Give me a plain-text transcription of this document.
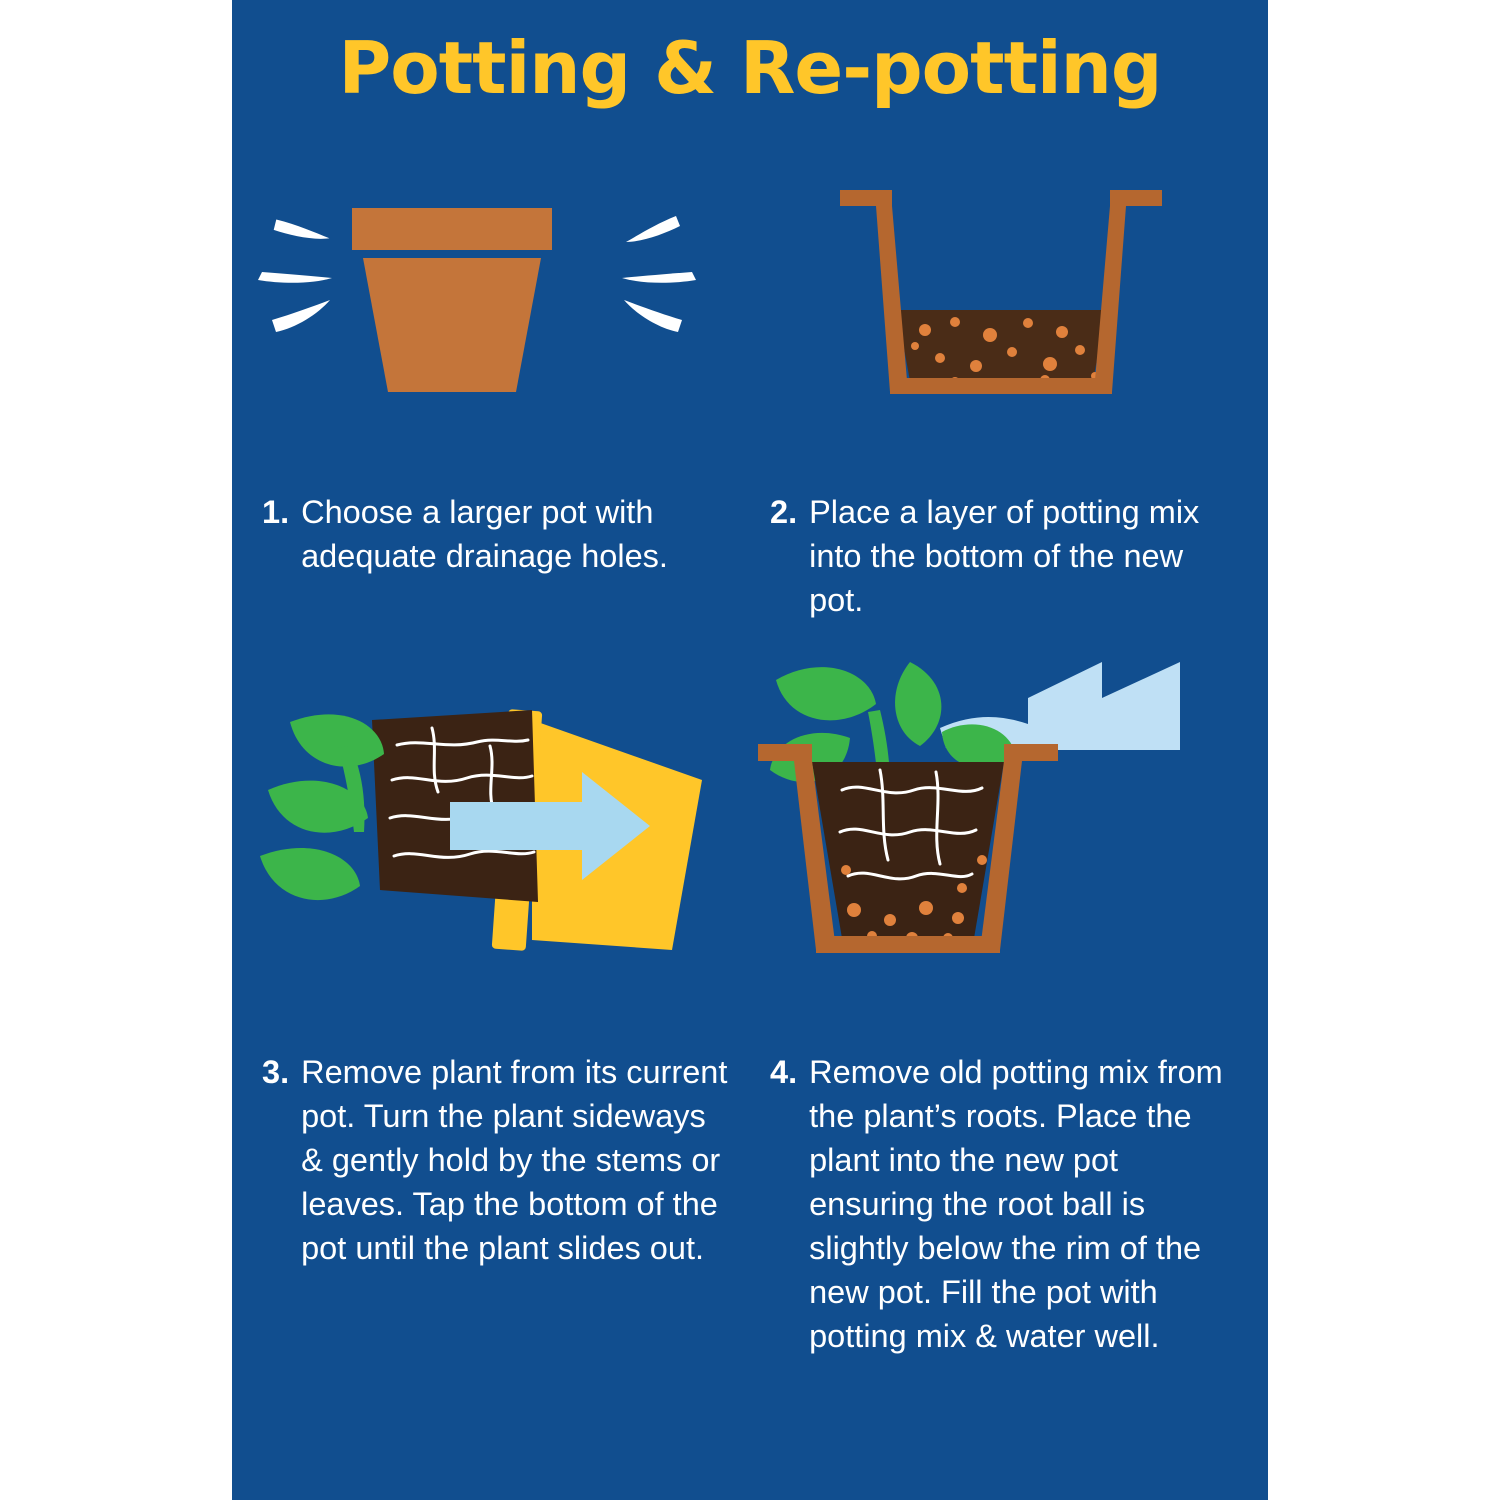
Potting & Re-potting
1. Choose a larger pot with adequate drainage holes.
2. Place a layer of potting mix into the bottom of the new pot.
3. Remove plant from its current pot. Turn the plant sideways & gently hold by the stems or leaves. Tap the bottom of the pot until the plant slides out.
4. Remove old potting mix from the plant’s roots. Place the plant into the new pot ensuring the root ball is slightly below the rim of the new pot. Fill the pot with potting mix & water well.
